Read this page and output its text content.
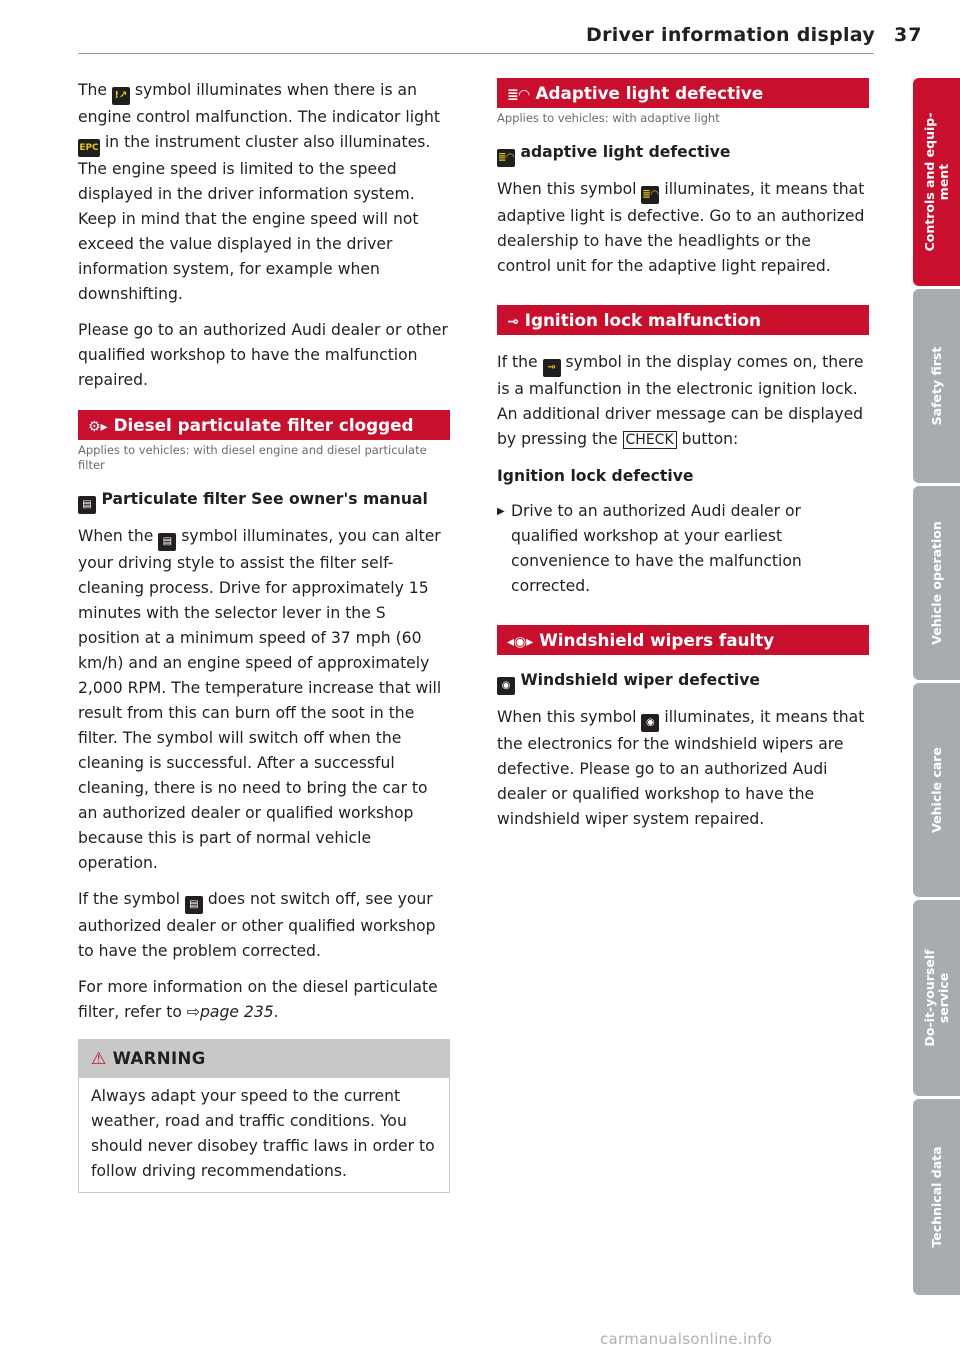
Driver information display 37

The !↗ symbol illuminates when there is an engine control malfunction. The indicator light EPC in the instrument cluster also illuminates. The engine speed is limited to the speed displayed in the driver information system. Keep in mind that the engine speed will not exceed the value displayed in the driver information system, for example when downshifting.

Please go to an authorized Audi dealer or other qualified workshop to have the malfunction repaired.

⚙▸ Diesel particulate filter clogged
Applies to vehicles: with diesel engine and diesel particulate filter
▤ Particulate filter See owner's manual

When the ▤ symbol illuminates, you can alter your driving style to assist the filter self-cleaning process. Drive for approximately 15 minutes with the selector lever in the S position at a minimum speed of 37 mph (60 km/h) and an engine speed of approximately 2,000 RPM. The temperature increase that will result from this can burn off the soot in the filter. The symbol will switch off when the cleaning is successful. After a successful cleaning, there is no need to bring the car to an authorized dealer or qualified workshop because this is part of normal vehicle operation.

If the symbol ▤ does not switch off, see your authorized dealer or other qualified workshop to have the problem corrected.

For more information on the diesel particulate filter, refer to ⇨page 235.

⚠ WARNING
Always adapt your speed to the current weather, road and traffic conditions. You should never disobey traffic laws in order to follow driving recommendations.
≣◠ Adaptive light defective
Applies to vehicles: with adaptive light
≣◠ adaptive light defective

When this symbol ≣◠ illuminates, it means that adaptive light is defective. Go to an authorized dealership to have the headlights or the control unit for the adaptive light repaired.

⊸ Ignition lock malfunction

If the ⊸ symbol in the display comes on, there is a malfunction in the electronic ignition lock. An additional driver message can be displayed by pressing the CHECK button:

Ignition lock defective
▶ Drive to an authorized Audi dealer or qualified workshop at your earliest convenience to have the malfunction corrected.
◂◉▸ Windshield wipers faulty
◉ Windshield wiper defective

When this symbol ◉ illuminates, it means that the electronics for the windshield wipers are defective. Please go to an authorized Audi dealer or qualified workshop to have the windshield wiper system repaired.

Controls and equip-
ment
Safety first
Vehicle operation
Vehicle care
Do-it-yourself
service
Technical data
carmanualsonline.info
